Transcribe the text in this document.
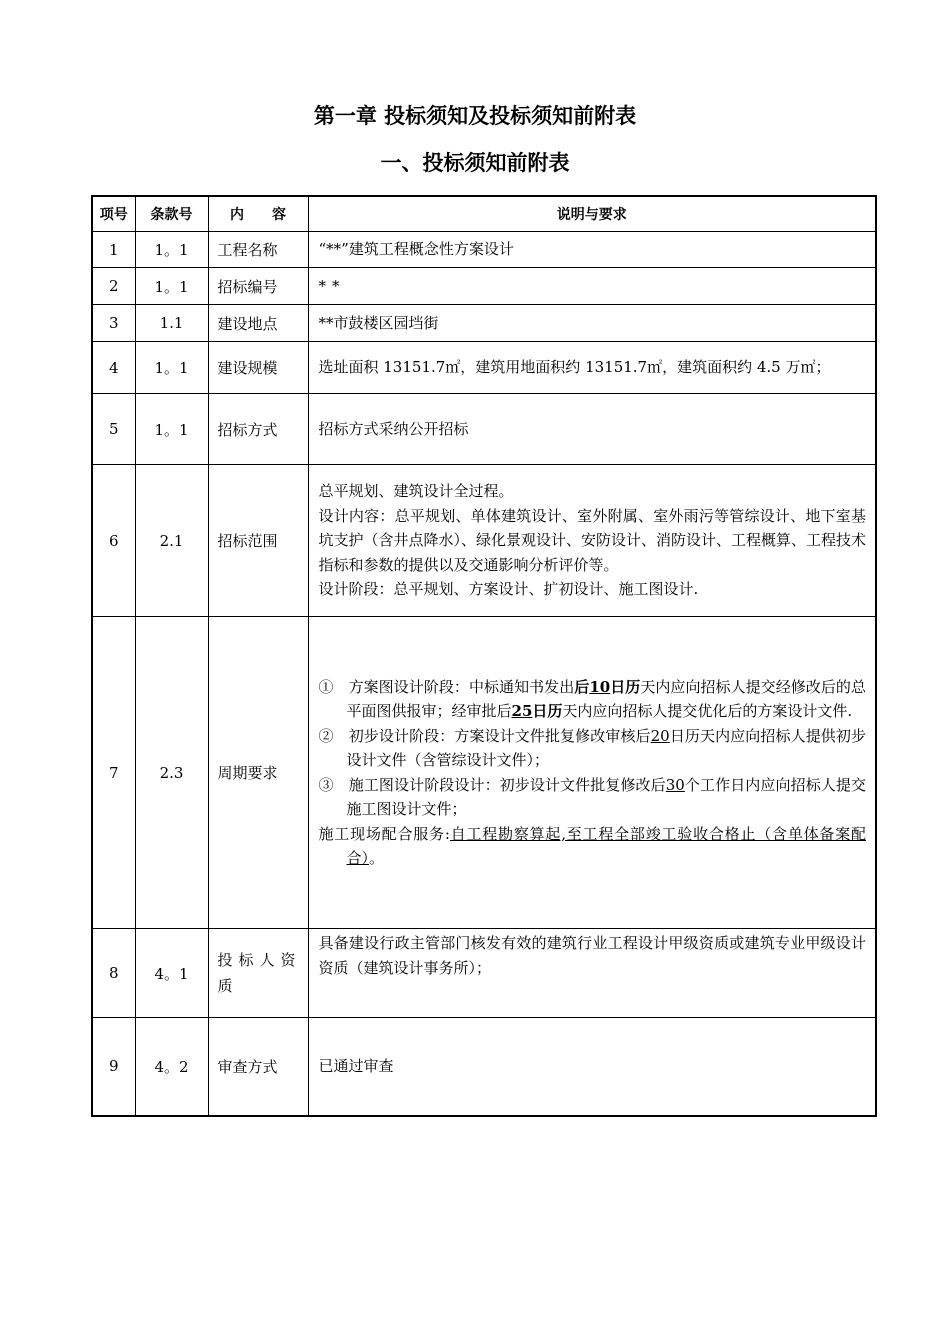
第一章 投标须知及投标须知前附表
一、投标须知前附表
项号	条款号	内　　容	说明与要求
1	1。1	工程名称	“**”建筑工程概念性方案设计
2	1。1	招标编号	**
3	1.1	建设地点	**市鼓楼区园垱街
4	1。1	建设规模	选址面积 13151.7㎡，建筑用地面积约 13151.7㎡，建筑面积约 4.5 万㎡；
5	1。1	招标方式	招标方式采纳公开招标
6	2.1	招标范围	总平规划、建筑设计全过程。
设计内容：总平规划、单体建筑设计、室外附属、室外雨污等管综设计、地下室基坑支护（含井点降水）、绿化景观设计、安防设计、消防设计、工程概算、工程技术指标和参数的提供以及交通影响分析评价等。
设计阶段：总平规划、方案设计、扩初设计、施工图设计.

7	2.3	周期要求	①　 方案图设计阶段：中标通知书发出后10日历天内应向招标人提交经修改后的总平面图供报审；经审批后25日历天内应向招标人提交优化后的方案设计文件.
②　 初步设计阶段：方案设计文件批复修改审核后20日历天内应向招标人提供初步设计文件（含管综设计文件）；
③　 施工图设计阶段设计：初步设计文件批复修改后30个工作日内应向招标人提交施工图设计文件；
施工现场配合服务:自工程勘察算起,至工程全部竣工验收合格止（含单体备案配合）。

8	4。1	投标人资质	具备建设行政主管部门核发有效的建筑行业工程设计甲级资质或建筑专业甲级设计资质（建筑设计事务所）；
9	4。2	审查方式	已通过审查
